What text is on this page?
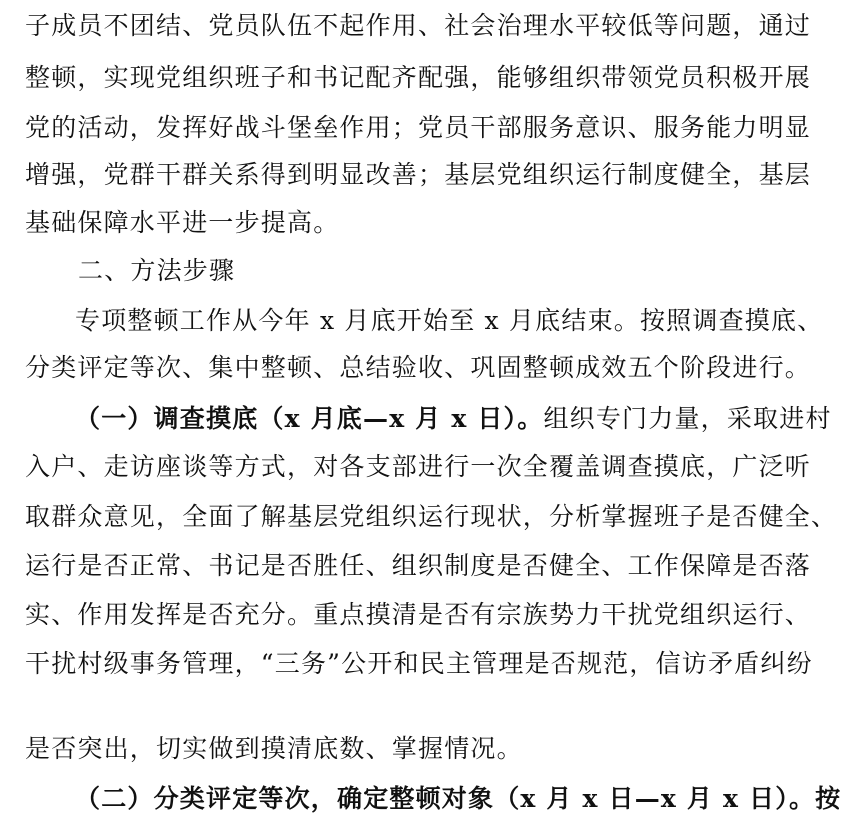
子成员不团结、党员队伍不起作用、社会治理水平较低等问题，通过
整顿，实现党组织班子和书记配齐配强，能够组织带领党员积极开展
党的活动，发挥好战斗堡垒作用；党员干部服务意识、服务能力明显
增强，党群干群关系得到明显改善；基层党组织运行制度健全，基层
基础保障水平进一步提高。
二、方法步骤
专项整顿工作从今年 x 月底开始至 x 月底结束。按照调查摸底、
分类评定等次、集中整顿、总结验收、巩固整顿成效五个阶段进行。
（一）调查摸底（x 月底—x 月 x 日）。组织专门力量，采取进村
入户、走访座谈等方式，对各支部进行一次全覆盖调查摸底，广泛听
取群众意见，全面了解基层党组织运行现状，分析掌握班子是否健全、
运行是否正常、书记是否胜任、组织制度是否健全、工作保障是否落
实、作用发挥是否充分。重点摸清是否有宗族势力干扰党组织运行、
干扰村级事务管理，“三务”公开和民主管理是否规范，信访矛盾纠纷
是否突出，切实做到摸清底数、掌握情况。
（二）分类评定等次，确定整顿对象（x 月 x 日—x 月 x 日）。按
